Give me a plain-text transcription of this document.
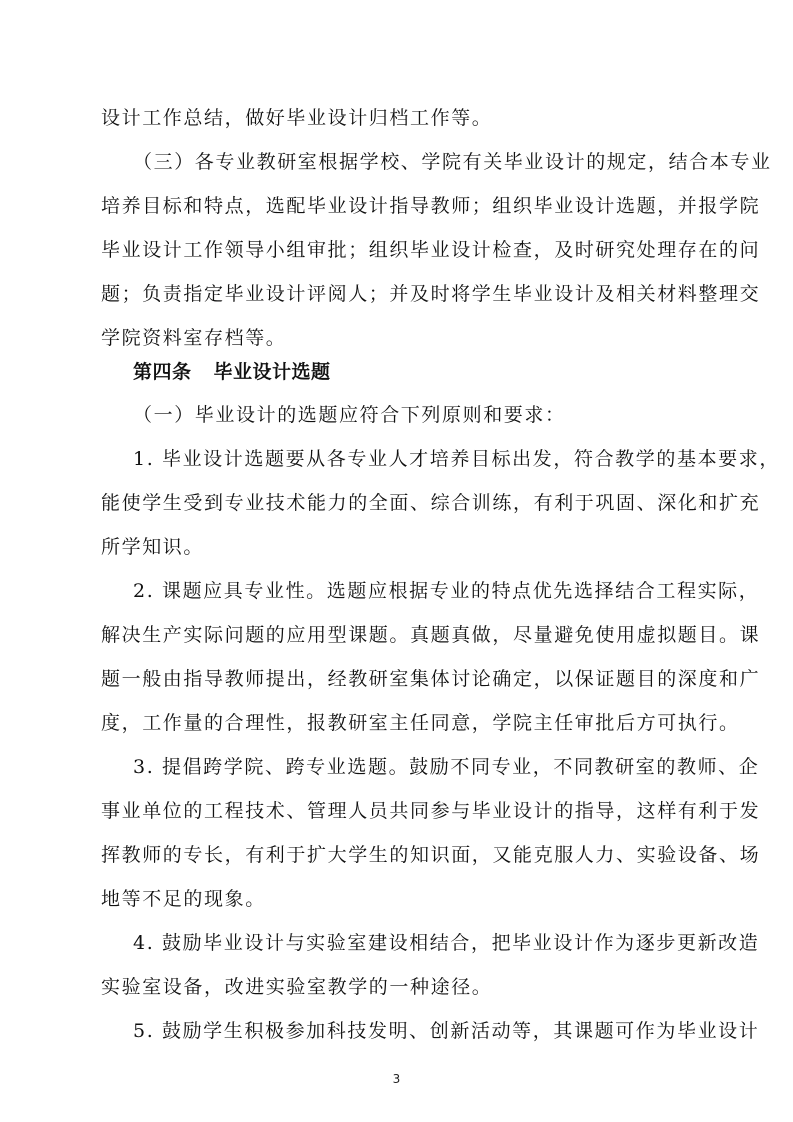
设计工作总结，做好毕业设计归档工作等。
（三）各专业教研室根据学校、学院有关毕业设计的规定，结合本专业
培养目标和特点，选配毕业设计指导教师；组织毕业设计选题，并报学院
毕业设计工作领导小组审批；组织毕业设计检查，及时研究处理存在的问
题；负责指定毕业设计评阅人；并及时将学生毕业设计及相关材料整理交
学院资料室存档等。
第四条 毕业设计选题
（一）毕业设计的选题应符合下列原则和要求：
1. 毕业设计选题要从各专业人才培养目标出发，符合教学的基本要求，
能使学生受到专业技术能力的全面、综合训练，有利于巩固、深化和扩充
所学知识。
2. 课题应具专业性。选题应根据专业的特点优先选择结合工程实际，
解决生产实际问题的应用型课题。真题真做，尽量避免使用虚拟题目。课
题一般由指导教师提出，经教研室集体讨论确定，以保证题目的深度和广
度，工作量的合理性，报教研室主任同意，学院主任审批后方可执行。
3. 提倡跨学院、跨专业选题。鼓励不同专业，不同教研室的教师、企
事业单位的工程技术、管理人员共同参与毕业设计的指导，这样有利于发
挥教师的专长，有利于扩大学生的知识面，又能克服人力、实验设备、场
地等不足的现象。
4. 鼓励毕业设计与实验室建设相结合，把毕业设计作为逐步更新改造
实验室设备，改进实验室教学的一种途径。
5. 鼓励学生积极参加科技发明、创新活动等，其课题可作为毕业设计
3
